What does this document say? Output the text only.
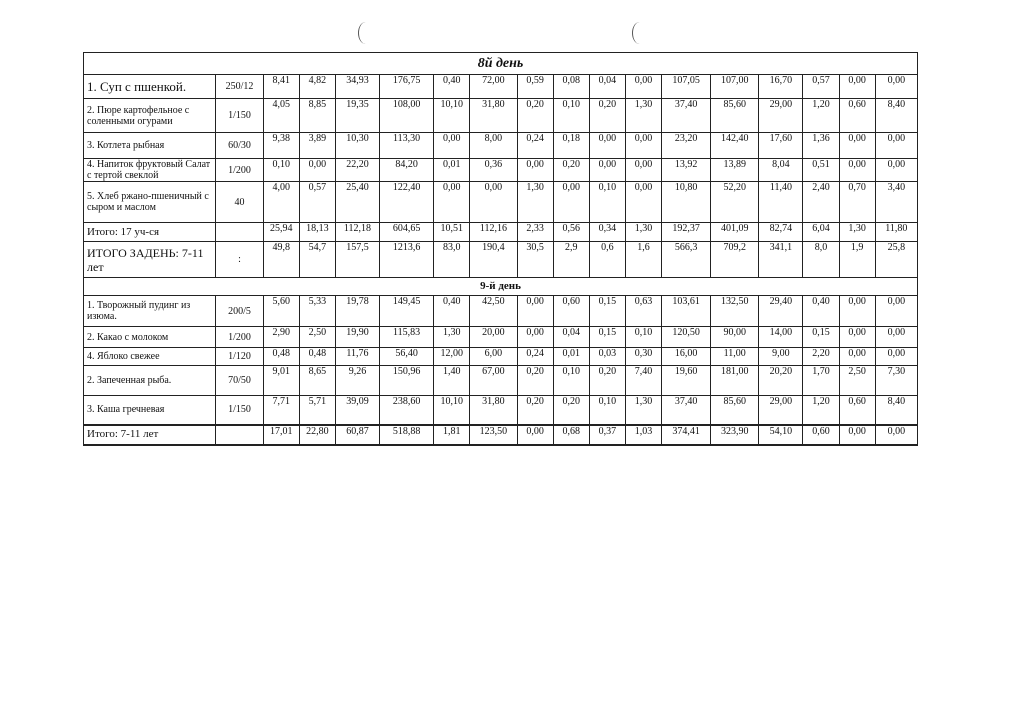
8й день																	
1. Суп с пшенкой.	250/12	8,41	4,82	34,93	176,75	0,40	72,00	0,59	0,08	0,04	0,00	107,05	107,00	16,70	0,57	0,00	0,00
2. Пюре картофельное с соленными огурами	1/150	4,05	8,85	19,35	108,00	10,10	31,80	0,20	0,10	0,20	1,30	37,40	85,60	29,00	1,20	0,60	8,40
3. Котлета рыбная	60/30	9,38	3,89	10,30	113,30	0,00	8,00	0,24	0,18	0,00	0,00	23,20	142,40	17,60	1,36	0,00	0,00
4. Напиток фруктовый Салат с тертой свеклой	1/200	0,10	0,00	22,20	84,20	0,01	0,36	0,00	0,20	0,00	0,00	13,92	13,89	8,04	0,51	0,00	0,00
5. Хлеб ржано-пшеничный с сыром и маслом	40	4,00	0,57	25,40	122,40	0,00	0,00	1,30	0,00	0,10	0,00	10,80	52,20	11,40	2,40	0,70	3,40
Итого: 17 уч-ся		25,94	18,13	112,18	604,65	10,51	112,16	2,33	0,56	0,34	1,30	192,37	401,09	82,74	6,04	1,30	11,80
ИТОГО ЗАДЕНЬ: 7-11 лет	:	49,8	54,7	157,5	1213,6	83,0	190,4	30,5	2,9	0,6	1,6	566,3	709,2	341,1	8,0	1,9	25,8
9-й день																	
1. Творожный пудинг из изюма.	200/5	5,60	5,33	19,78	149,45	0,40	42,50	0,00	0,60	0,15	0,63	103,61	132,50	29,40	0,40	0,00	0,00
2. Какао с молоком	1/200	2,90	2,50	19,90	115,83	1,30	20,00	0,00	0,04	0,15	0,10	120,50	90,00	14,00	0,15	0,00	0,00
4. Яблоко свежее	1/120	0,48	0,48	11,76	56,40	12,00	6,00	0,24	0,01	0,03	0,30	16,00	11,00	9,00	2,20	0,00	0,00
2. Запеченная рыба.	70/50	9,01	8,65	9,26	150,96	1,40	67,00	0,20	0,10	0,20	7,40	19,60	181,00	20,20	1,70	2,50	7,30
3. Каша гречневая	1/150	7,71	5,71	39,09	238,60	10,10	31,80	0,20	0,20	0,10	1,30	37,40	85,60	29,00	1,20	0,60	8,40
Итого: 7-11 лет		17,01	22,80	60,87	518,88	1,81	123,50	0,00	0,68	0,37	1,03	374,41	323,90	54,10	0,60	0,00	0,00
